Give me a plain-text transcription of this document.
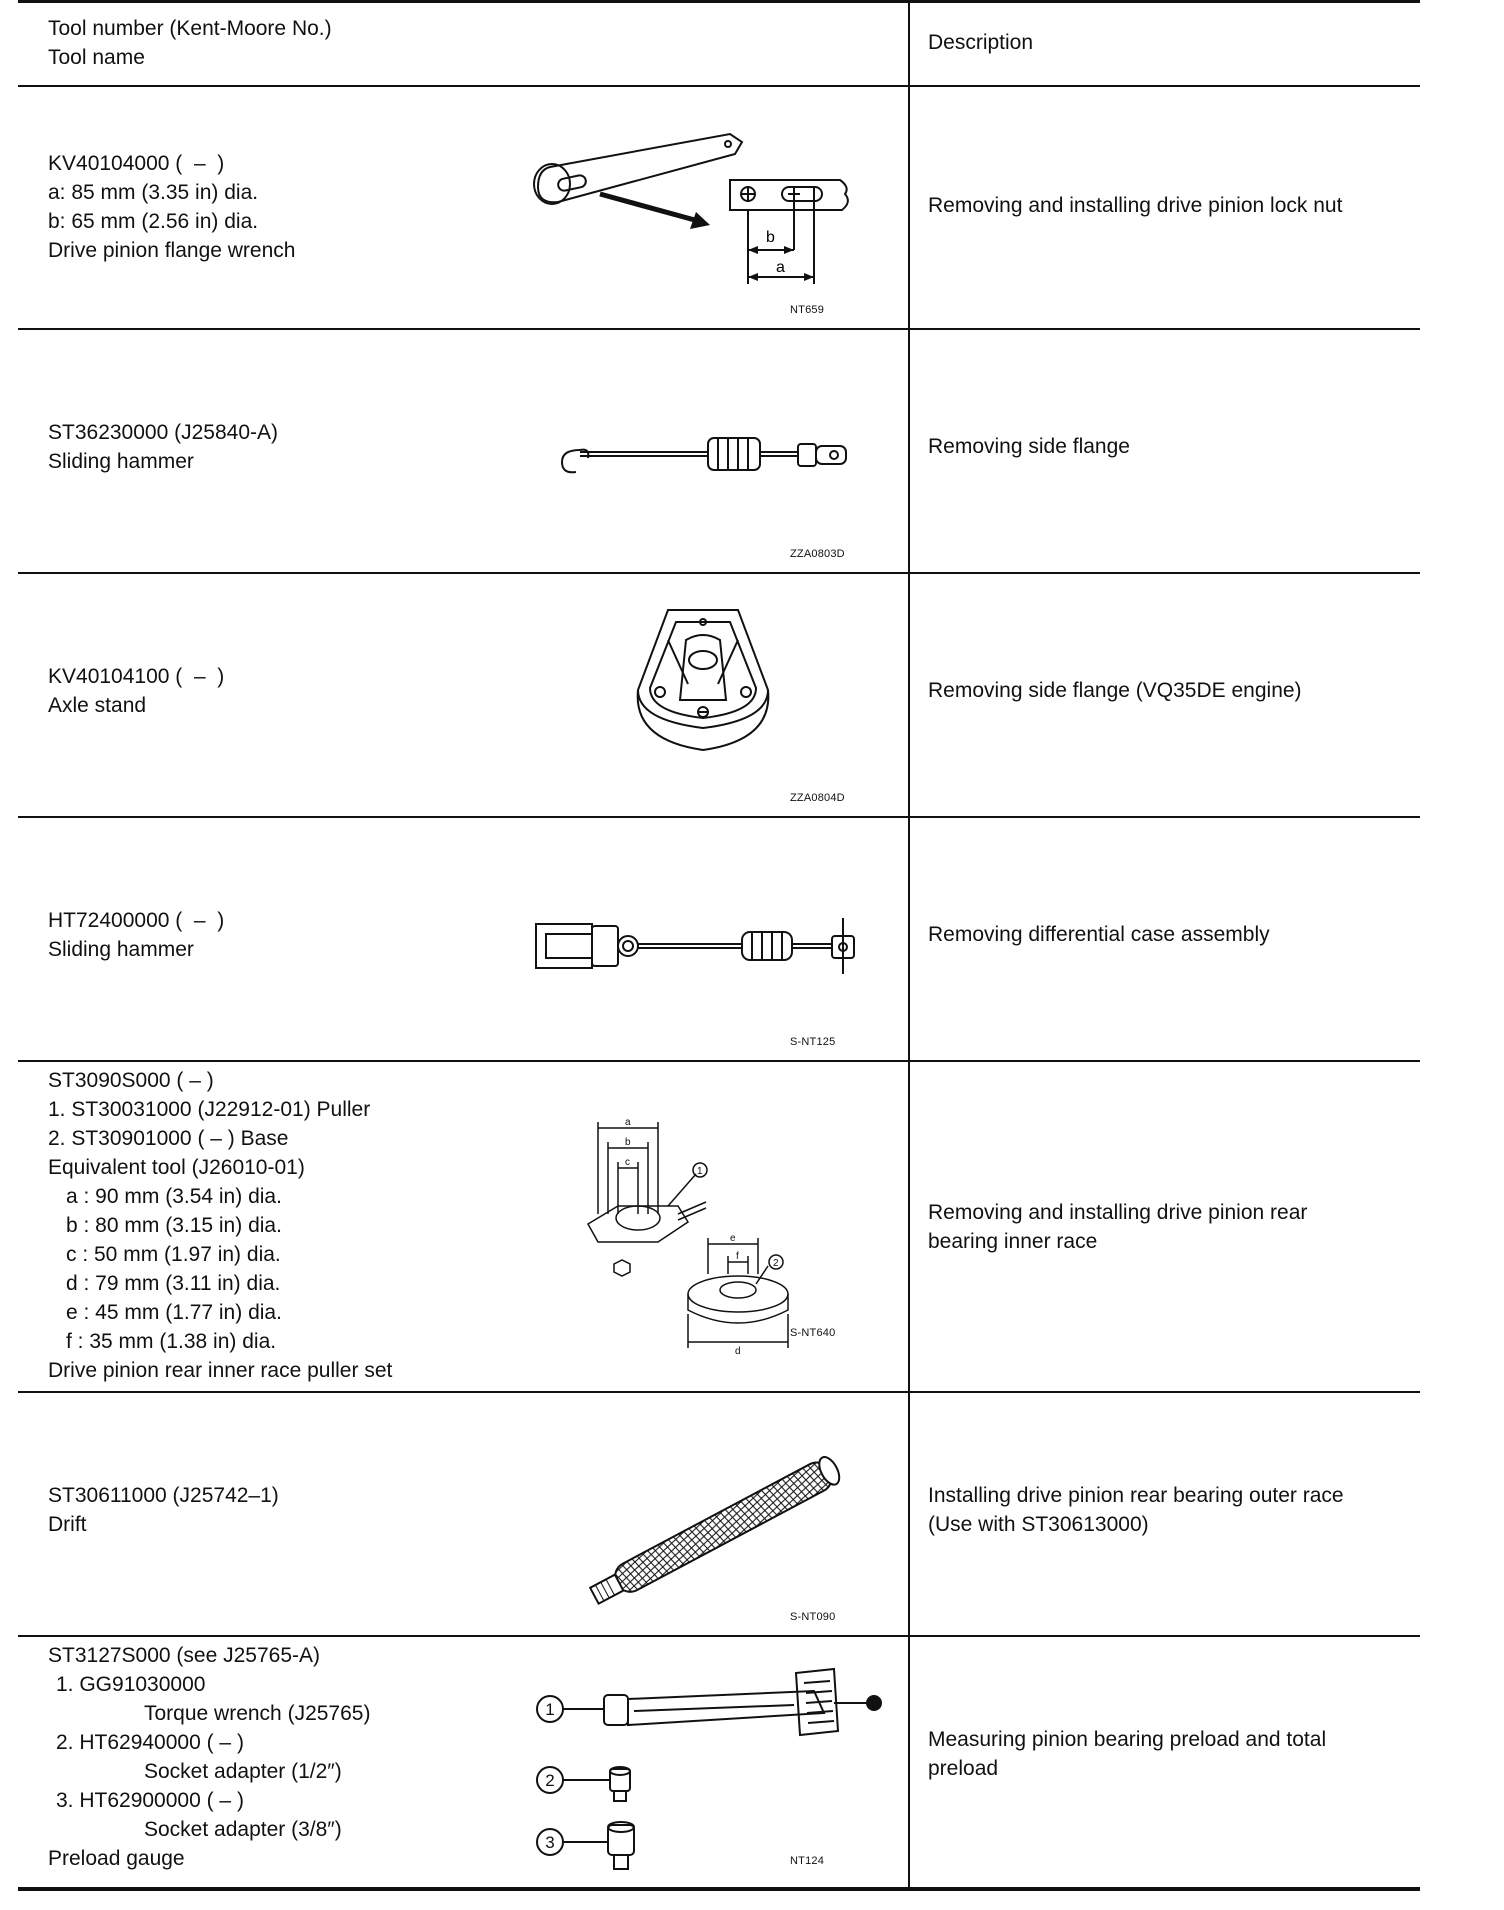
Tool number (Kent-Moore No.)
Tool name
Description
KV40104000 (  –  )
a: 85 mm (3.35 in) dia.
b: 65 mm (2.56 in) dia.
Drive pinion flange wrench
b
a
NT659
Removing and installing drive pinion lock nut
ST36230000 (J25840-A)
Sliding hammer
ZZA0803D
Removing side flange
KV40104100 (  –  )
Axle stand
ZZA0804D
Removing side flange (VQ35DE engine)
HT72400000 (  –  )
Sliding hammer
S-NT125
Removing differential case assembly
ST3090S000 ( – )
1. ST30031000 (J22912-01) Puller
2. ST30901000 ( – ) Base
Equivalent tool (J26010-01)
a : 90 mm (3.54 in) dia.
b : 80 mm (3.15 in) dia.
c : 50 mm (1.97 in) dia.
d : 79 mm (3.11 in) dia.
e : 45 mm (1.77 in) dia.
f : 35 mm (1.38 in) dia.
Drive pinion rear inner race puller set
a
b
c
e
f
d
1
2
S-NT640
Removing and installing drive pinion rear
bearing inner race
ST30611000 (J25742–1)
Drift
S-NT090
Installing drive pinion rear bearing outer race
(Use with ST30613000)
ST3127S000 (see J25765-A)
1. GG91030000
Torque wrench (J25765)
2. HT62940000 ( – )
Socket adapter (1/2″)
3. HT62900000 ( – )
Socket adapter (3/8″)
Preload gauge
1
2
3
NT124
Measuring pinion bearing preload and total
preload
